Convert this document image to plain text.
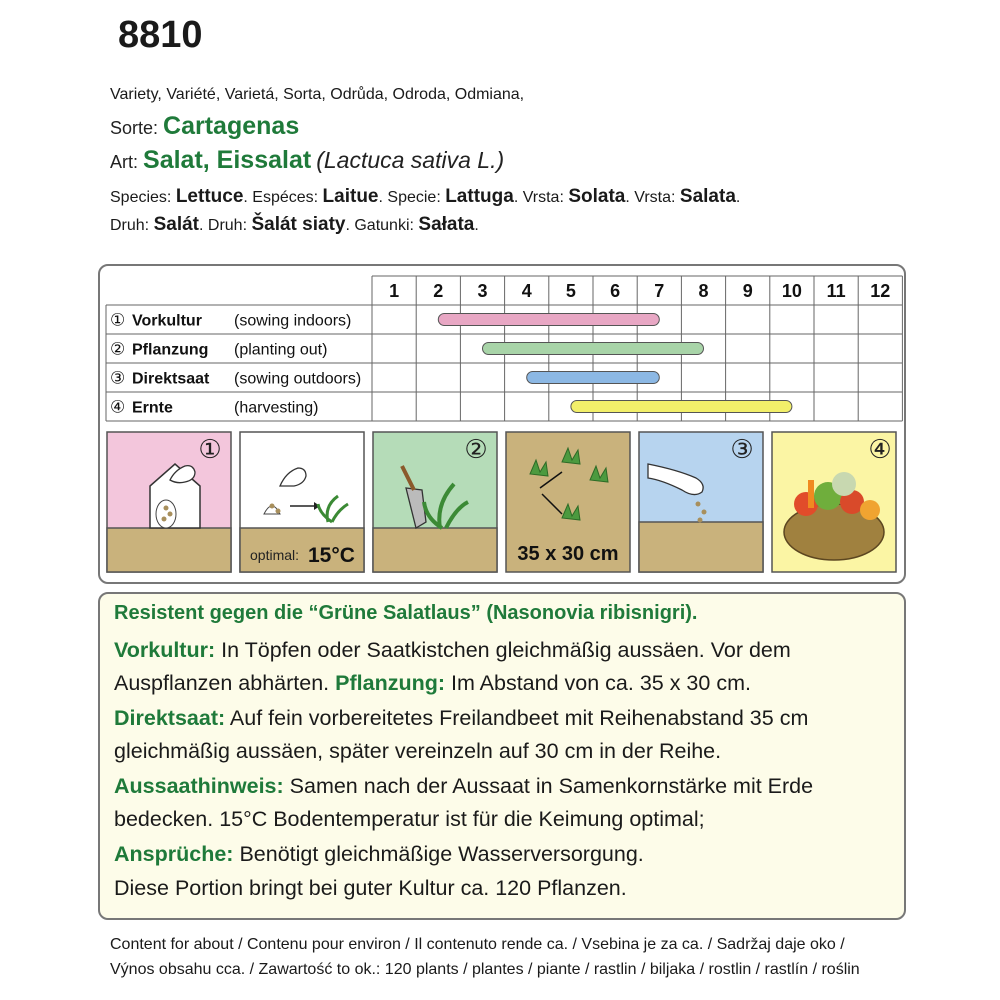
8810
Variety, Variété, Varietá, Sorta, Odrůda, Odroda, Odmiana,
Sorte: Cartagenas
Art: Salat, Eissalat (Lactuca sativa L.)
Species: Lettuce. Espéces: Laitue. Specie: Lattuga. Vrsta: Solata. Vrsta: Salata.
Druh: Salát. Druh: Šalát siaty. Gatunki: Sałata.
1 2 3 4 5 6 7 8 9 10 11 12
① Vorkultur (sowing indoors)
② Pflanzung (planting out)
③ Direktsaat (sowing outdoors)
④ Ernte	(harvesting)
①
optimal: 15°C
②
35 x 30 cm
③	④
Resistent gegen die “Grüne Salatlaus” (Nasonovia ribisnigri).
Vorkultur: In Töpfen oder Saatkistchen gleichmäßig aussäen. Vor dem
Auspflanzen abhärten. Pflanzung: Im Abstand von ca. 35 x 30 cm.
Direktsaat: Auf fein vorbereitetes Freilandbeet mit Reihenabstand 35 cm
gleichmäßig aussäen, später vereinzeln auf 30 cm in der Reihe.
Aussaathinweis: Samen nach der Aussaat in Samenkornstärke mit Erde
bedecken. 15°C Bodentemperatur ist für die Keimung optimal;
Ansprüche: Benötigt gleichmäßige Wasserversorgung.
Diese Portion bringt bei guter Kultur ca. 120 Pflanzen.
Content for about / Contenu pour environ / Il contenuto rende ca. / Vsebina je za ca. / Sadržaj daje oko /
Výnos obsahu cca. / Zawartość to ok.: 120 plants / plantes / piante / rastlin / biljaka / rostlin / rastlín / roślin
